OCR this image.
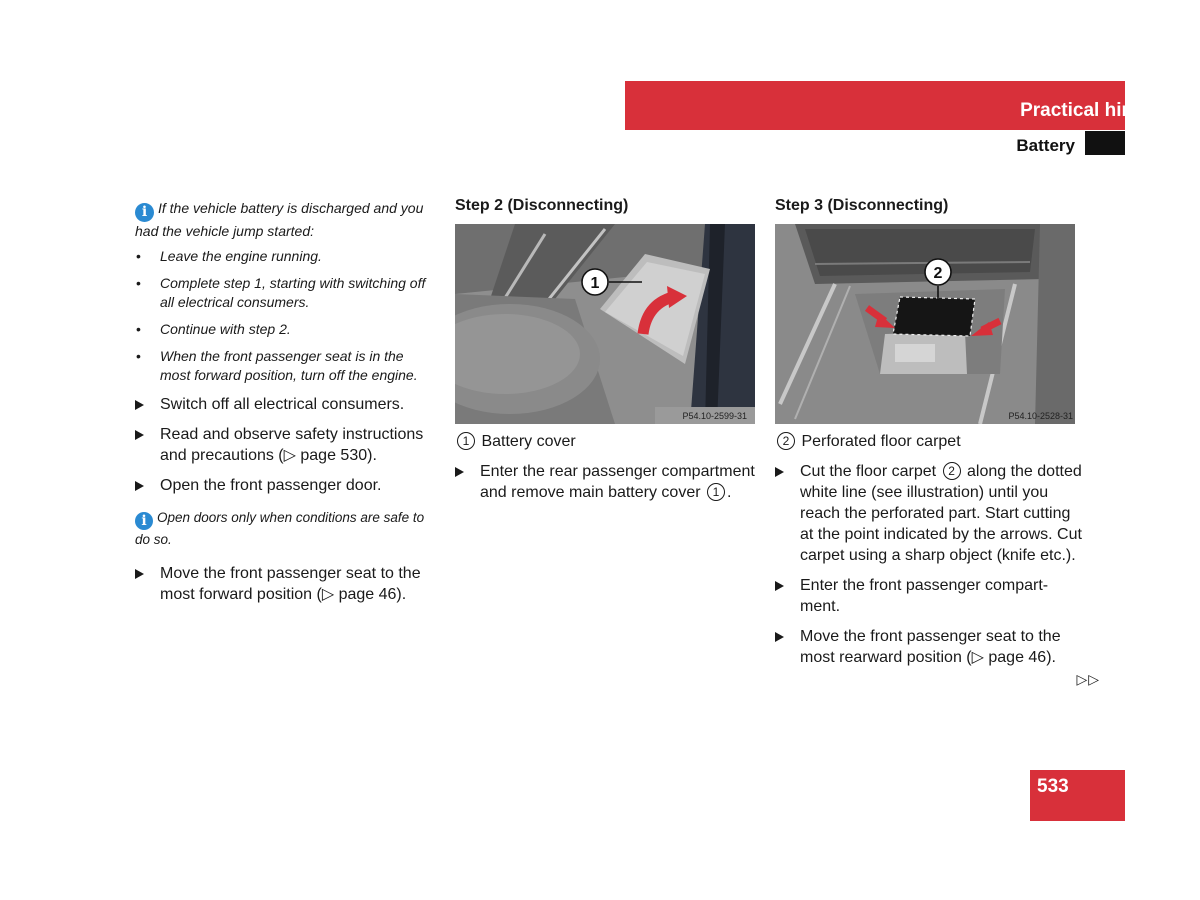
Practical hints
Battery
i If the vehicle battery is discharged and you had the vehicle jump started:
• Leave the engine running.
• Complete step 1, starting with switching off all electrical consumers.
• Continue with step 2.
• When the front passenger seat is in the most forward position, turn off the engine.
Switch off all electrical consumers.
Read and observe safety instructions and precautions (▷ page 530).
Open the front passenger door.
i Open doors only when conditions are safe to do so.
Move the front passenger seat to the most forward position (▷ page 46).
Step 2 (Disconnecting)
1
P54.10-2599-31
1 Battery cover
Enter the rear passenger compartment and remove main battery cover 1 .
Step 3 (Disconnecting)
2
P54.10-2528-31
2 Perforated floor carpet
Cut the floor carpet 2 along the dotted white line (see illustration) until you reach the perforated part. Start cutting at the point indicated by the arrows. Cut carpet using a sharp object (knife etc.).
Enter the front passenger compart-ment.
Move the front passenger seat to the most rearward position (▷ page 46).
▷▷
533
